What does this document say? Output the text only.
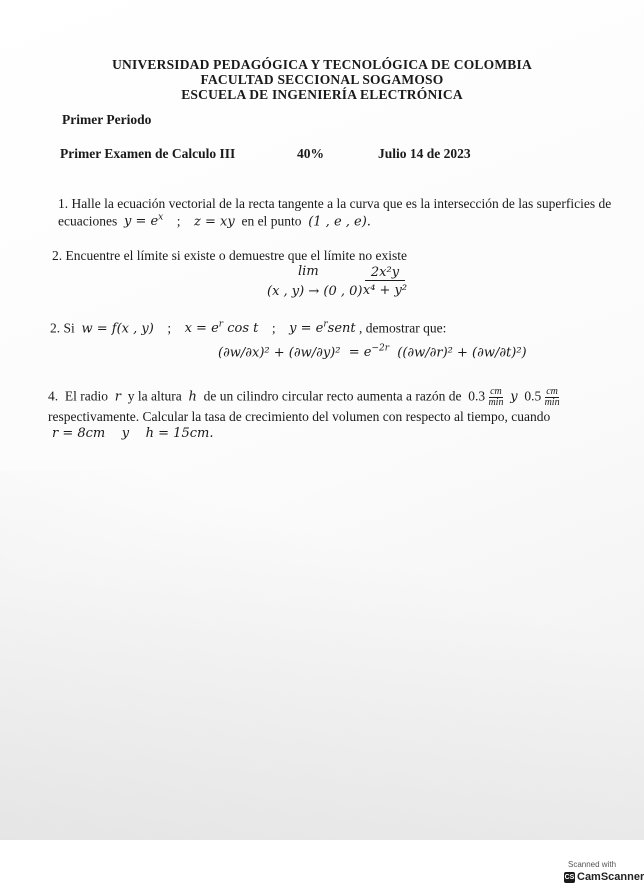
UNIVERSIDAD PEDAGÓGICA Y TECNOLÓGICA DE COLOMBIA
FACULTAD SECCIONAL SOGAMOSO
ESCUELA DE INGENIERÍA ELECTRÓNICA
Primer Periodo
Primer Examen de Calculo III	40%	Julio 14 de 2023
1. Halle la ecuación vectorial de la recta tangente a la curva que es la intersección de las superficies de
ecuaciones $y = e^x$ ; z = xy en el punto (1 , e , e).
2. Encuentre el límite si existe o demuestre que el límite no existe
lim
(x , y) → (0 , 0)
2x²y
x⁴ + y²
2. Si w = f(x , y)    ;    $x = e^r$ cos t    ;    $y = e^rsent$ , demostrar que:
$(\partial w/\partial x)^2 + (\partial w/\partial y)^2 = e^{-2r}$ ((∂w/∂r)² + (∂w/∂t)²)
4. El radio r y la altura h de un cilindro circular recto aumenta a razón de $0.3 \frac{cm}{\min}$ y $0.5 \frac{cm}{\min}$
respectivamente. Calcular la tasa de crecimiento del volumen con respecto al tiempo, cuando
r = 8cm    y    h = 15cm.
Scanned with
CS CamScanner
